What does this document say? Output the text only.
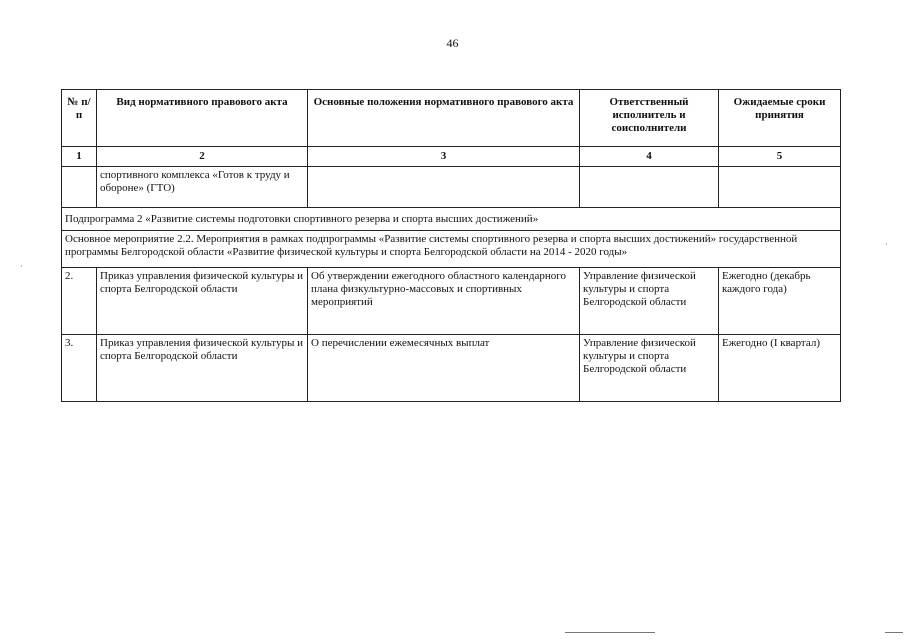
46
№ п/п	Вид нормативного правового акта	Основные положения нормативного правового акта	Ответственный исполнитель и соисполнители	Ожидаемые сроки принятия
1	2	3	4	5
	спортивного комплекса «Готов к труду и обороне» (ГТО)			
Подпрограмма 2 «Развитие системы подготовки спортивного резерва и спорта высших достижений»				
Основное мероприятие 2.2. Мероприятия в рамках подпрограммы «Развитие системы спортивного резерва и спорта высших достижений» государственной программы Белгородской области «Развитие физической культуры и спорта Белгородской области на 2014 - 2020 годы»				
2.	Приказ управления физической культуры и спорта Белгородской области	Об утверждении ежегодного областного календарного плана физкультурно-массовых и спортивных мероприятий	Управление физической культуры и спорта Белгородской области	Ежегодно (декабрь каждого года)
3.	Приказ управления физической культуры и спорта Белгородской области	О перечислении ежемесячных выплат	Управление физической культуры и спорта Белгородской области	Ежегодно (I квартал)
·
·
